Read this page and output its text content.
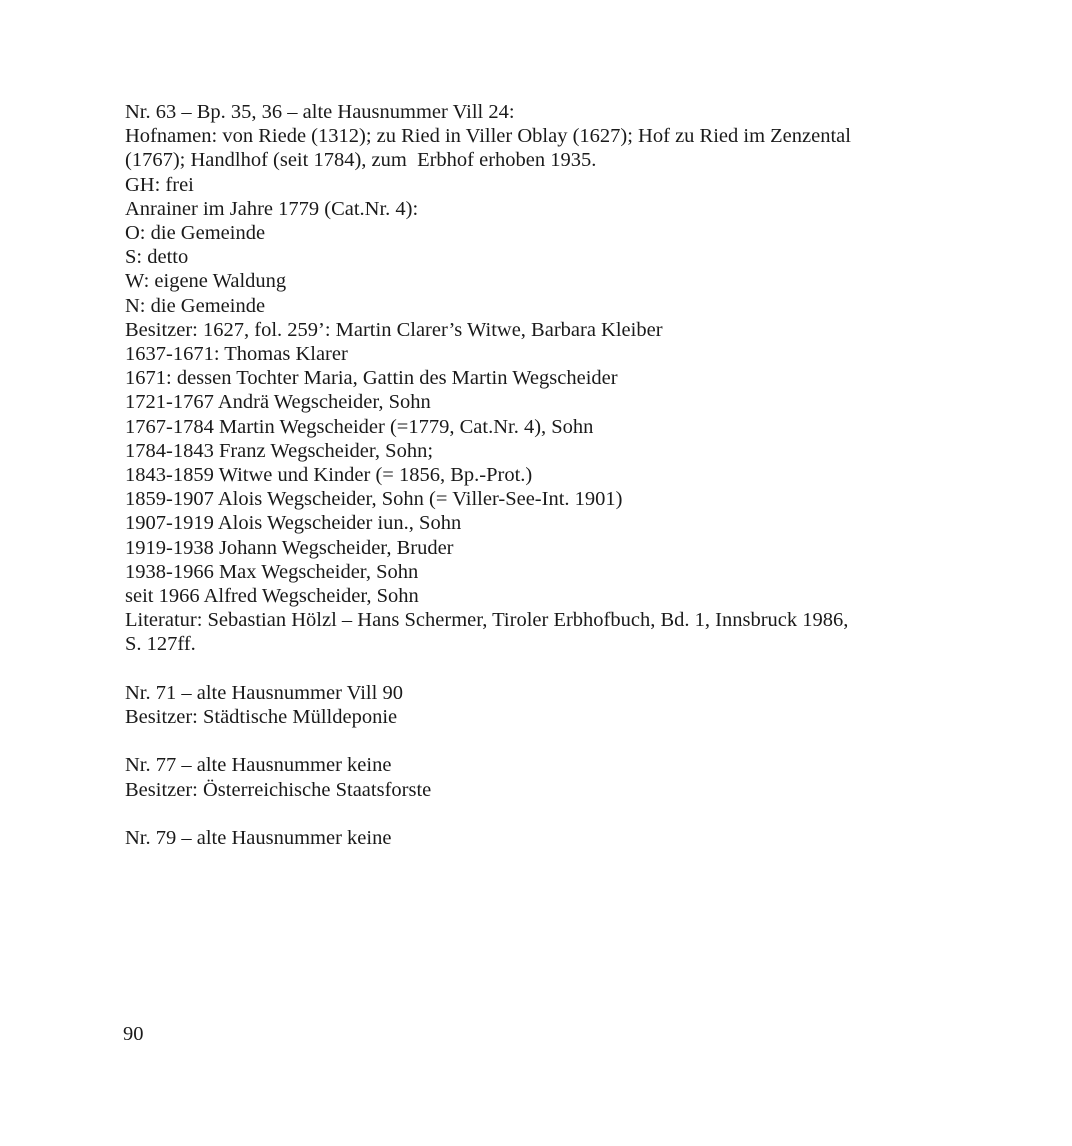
Nr. 63 – Bp. 35, 36 – alte Hausnummer Vill 24:
Hofnamen: von Riede (1312); zu Ried in Viller Oblay (1627); Hof zu Ried im Zenzental
(1767); Handlhof (seit 1784), zum  Erbhof erhoben 1935.
GH: frei
Anrainer im Jahre 1779 (Cat.Nr. 4):
O: die Gemeinde
S: detto
W: eigene Waldung
N: die Gemeinde
Besitzer: 1627, fol. 259’: Martin Clarer’s Witwe, Barbara Kleiber
1637-1671: Thomas Klarer
1671: dessen Tochter Maria, Gattin des Martin Wegscheider
1721-1767 Andrä Wegscheider, Sohn
1767-1784 Martin Wegscheider (=1779, Cat.Nr. 4), Sohn
1784-1843 Franz Wegscheider, Sohn;
1843-1859 Witwe und Kinder (= 1856, Bp.-Prot.)
1859-1907 Alois Wegscheider, Sohn (= Viller-See-Int. 1901)
1907-1919 Alois Wegscheider iun., Sohn
1919-1938 Johann Wegscheider, Bruder
1938-1966 Max Wegscheider, Sohn
seit 1966 Alfred Wegscheider, Sohn
Literatur: Sebastian Hölzl – Hans Schermer, Tiroler Erbhofbuch, Bd. 1, Innsbruck 1986,
S. 127ff.
Nr. 71 – alte Hausnummer Vill 90
Besitzer: Städtische Mülldeponie
Nr. 77 – alte Hausnummer keine
Besitzer: Österreichische Staatsforste
Nr. 79 – alte Hausnummer keine
90
